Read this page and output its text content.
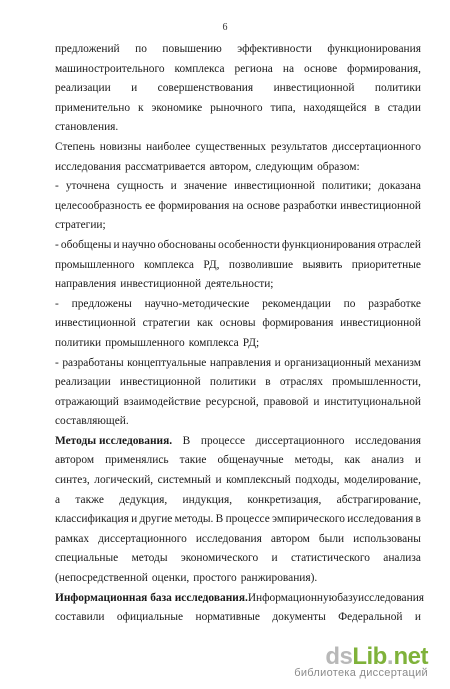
6
предложений по повышению эффективности функционирования
машиностроительного комплекса региона на основе формирования,
реализации и совершенствования инвестиционной политики
применительно к экономике рыночного типа, находящейся в стадии
становления.
Степень новизны наиболее существенных результатов диссертационного
исследования рассматривается автором, следующим образом:
- уточнена сущность и значение инвестиционной политики; доказана
целесообразность ее формирования на основе разработки инвестиционной
стратегии;
- обобщены и научно обоснованы особенности функционирования отраслей
промышленного комплекса РД, позволившие выявить приоритетные
направления инвестиционной деятельности;
- предложены научно-методические рекомендации по разработке
инвестиционной стратегии как основы формирования инвестиционной
политики промышленного комплекса РД;
- разработаны концептуальные направления и организационный механизм
реализации инвестиционной политики в отраслях промышленности,
отражающий взаимодействие ресурсной, правовой и институциональной
составляющей.
Методы исследования. В процессе диссертационного исследования
автором применялись такие общенаучные методы, как анализ и
синтез, логический, системный и комплексный подходы, моделирование,
а также дедукция, индукция, конкретизация, абстрагирование,
классификация и другие методы. В процессе эмпирического исследования в
рамках диссертационного исследования автором были использованы
специальные методы экономического и статистического анализа
(непосредственной оценки, простого ранжирования).
Информационная база исследования. Информационную базу исследования
составили официальные нормативные документы Федеральной и
ds Lib . net
библиотека диссертаций
